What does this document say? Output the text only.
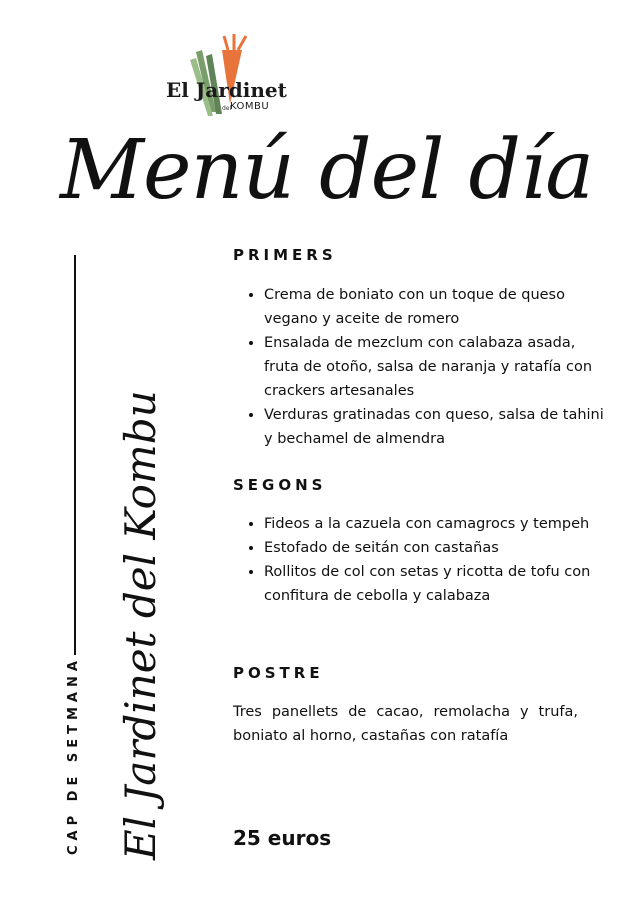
El Jardinet
del
KOMBU
Menú del día
CAP DE SETMANA El Jardinet del Kombu
PRIMERS
• Crema de boniato con un toque de queso vegano y aceite de romero
• Ensalada de mezclum con calabaza asada, fruta de otoño, salsa de naranja y ratafía con crackers artesanales
• Verduras gratinadas con queso, salsa de tahini y bechamel de almendra
SEGONS
• Fideos a la cazuela con camagrocs y tempeh
• Estofado de seitán con castañas
• Rollitos de col con setas y ricotta de tofu con confitura de cebolla y calabaza
POSTRE
Tres panellets de cacao, remolacha y trufa, boniato al horno, castañas con ratafía
25 euros
